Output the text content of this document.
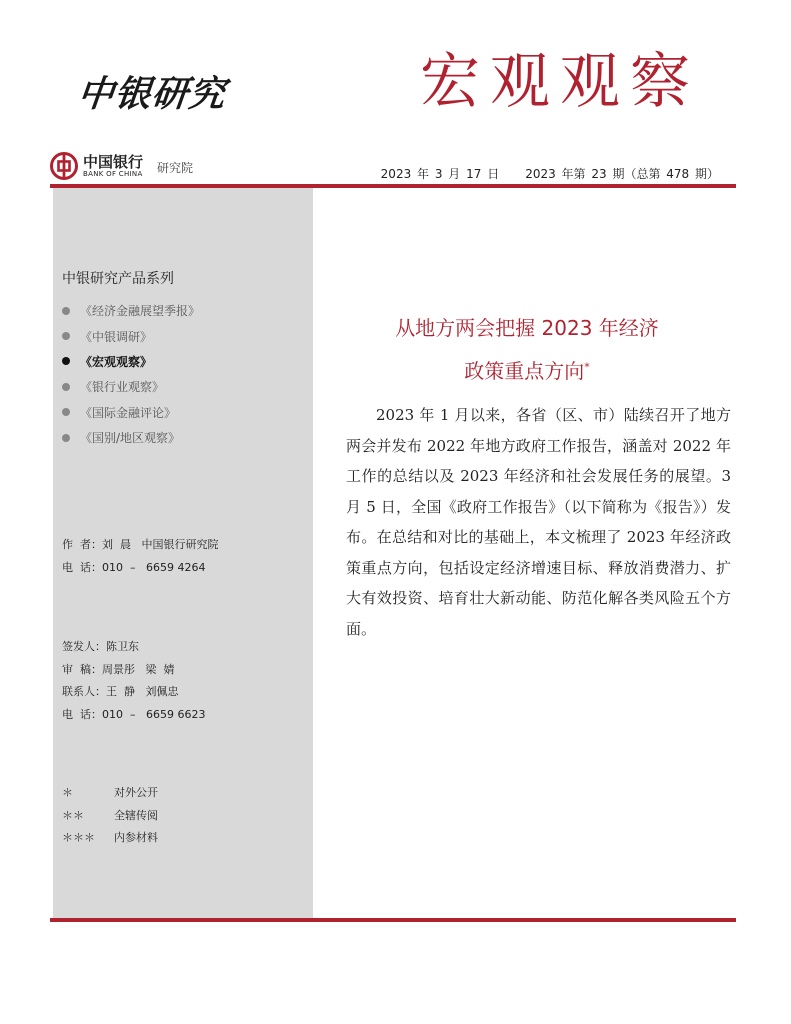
中银研究	宏观观察
中国银行
BANK OF CHINA 研究院	2023 年 3 月 17 日 2023 年第 23 期（总第 478 期）
中银研究产品系列
《经济金融展望季报》
《中银调研》
《宏观观察》
《银行业观察》
《国际金融评论》
《国别/地区观察》
作  者：刘  晨   中国银行研究院
电  话：010  –   6659 4264
签发人：陈卫东
审  稿：周景彤   梁  婧
联系人：王  静   刘佩忠
电  话：010  –   6659 6623
＊	对外公开
＊＊	全辖传阅
＊＊＊	内参材料
从地方两会把握 2023 年经济
政策重点方向*

2023 年 1 月以来，各省（区、市）陆续召开了地方两会并发布 2022 年地方政府工作报告，涵盖对 2022 年工作的总结以及 2023 年经济和社会发展任务的展望。3 月 5 日，全国《政府工作报告》（以下简称为《报告》）发布。在总结和对比的基础上，本文梳理了 2023 年经济政策重点方向，包括设定经济增速目标、释放消费潜力、扩大有效投资、培育壮大新动能、防范化解各类风险五个方面。
